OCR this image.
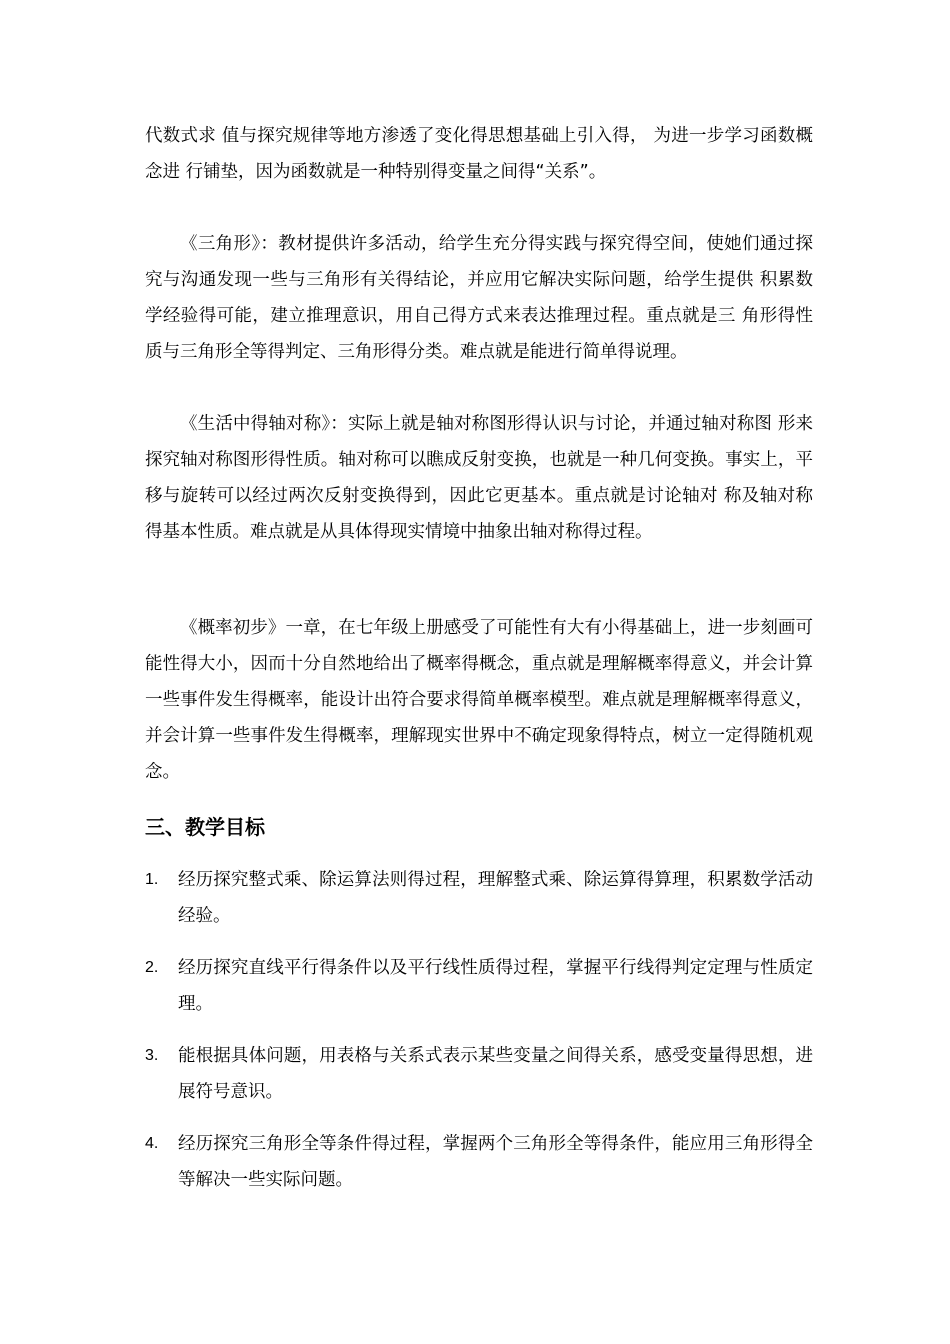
代数式求 值与探究规律等地方渗透了变化得思想基础上引入得， 为进一步学习函数概念进 行铺垫，因为函数就是一种特别得变量之间得“关系”。

《三角形》：教材提供许多活动，给学生充分得实践与探究得空间，使她们通过探究与沟通发现一些与三角形有关得结论，并应用它解决实际问题，给学生提供 积累数学经验得可能，建立推理意识，用自己得方式来表达推理过程。重点就是三 角形得性质与三角形全等得判定、三角形得分类。难点就是能进行简单得说理。

《生活中得轴对称》：实际上就是轴对称图形得认识与讨论，并通过轴对称图 形来探究轴对称图形得性质。轴对称可以瞧成反射变换，也就是一种几何变换。事实上，平移与旋转可以经过两次反射变换得到，因此它更基本。重点就是讨论轴对 称及轴对称得基本性质。难点就是从具体得现实情境中抽象出轴对称得过程。

《概率初步》一章，在七年级上册感受了可能性有大有小得基础上，进一步刻画可能性得大小，因而十分自然地给出了概率得概念，重点就是理解概率得意义，并会计算一些事件发生得概率，能设计出符合要求得简单概率模型。难点就是理解概率得意义，并会计算一些事件发生得概率，理解现实世界中不确定现象得特点，树立一定得随机观念。

三、教学目标
1. 经历探究整式乘、除运算法则得过程，理解整式乘、除运算得算理，积累数学活动经验。
2. 经历探究直线平行得条件以及平行线性质得过程，掌握平行线得判定定理与性质定理。
3. 能根据具体问题，用表格与关系式表示某些变量之间得关系，感受变量得思想，进展符号意识。
4. 经历探究三角形全等条件得过程，掌握两个三角形全等得条件，能应用三角形得全等解决一些实际问题。
